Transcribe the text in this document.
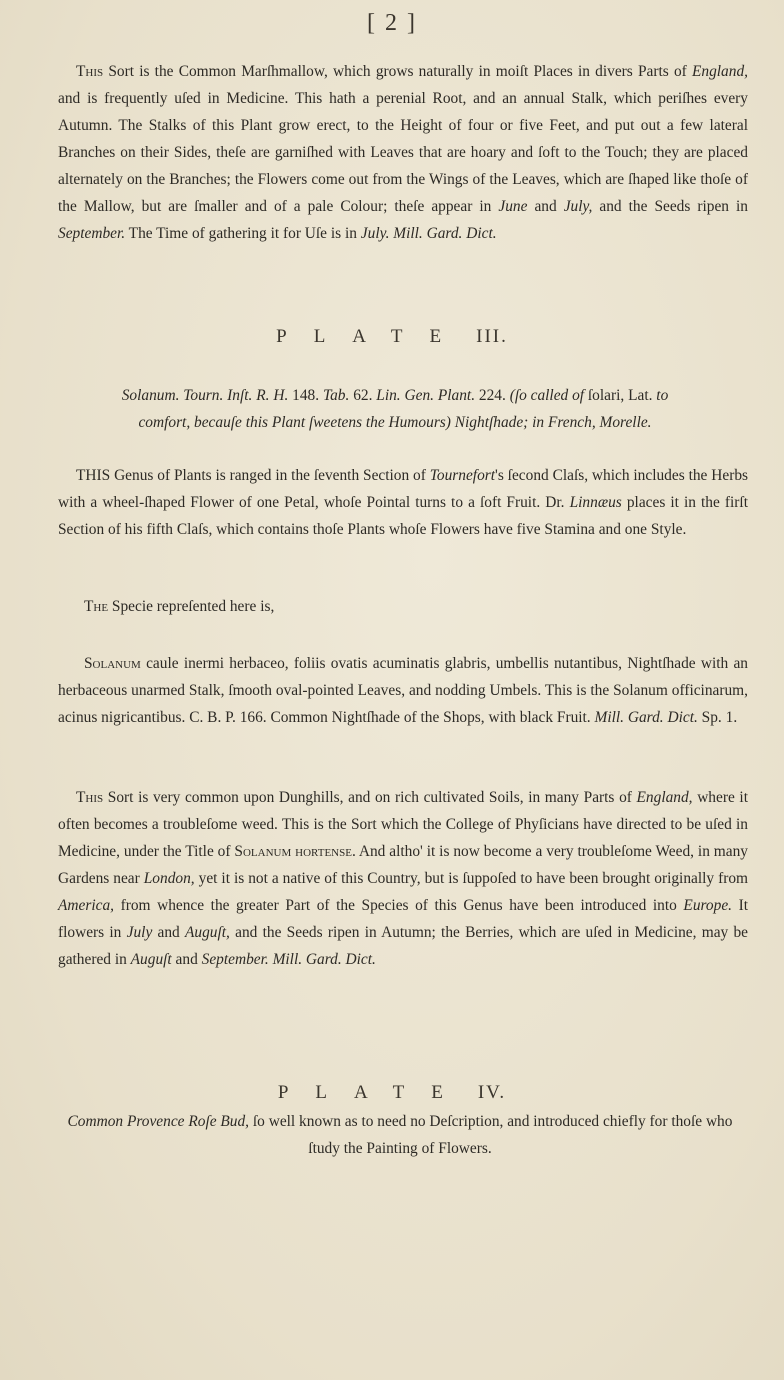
[ 2 ]

This Sort is the Common Marſhmallow, which grows naturally in moiſt Places in divers Parts of England, and is frequently uſed in Medicine. This hath a perenial Root, and an annual Stalk, which periſhes every Autumn. The Stalks of this Plant grow erect, to the Height of four or five Feet, and put out a few lateral Branches on their Sides, theſe are garniſhed with Leaves that are hoary and ſoft to the Touch; they are placed alternately on the Branches; the Flowers come out from the Wings of the Leaves, which are ſhaped like thoſe of the Mallow, but are ſmaller and of a pale Colour; theſe appear in June and July, and the Seeds ripen in September. The Time of gathering it for Uſe is in July. Mill. Gard. Dict.

PLATE III.

Solanum. Tourn. Inſt. R. H. 148. Tab. 62. Lin. Gen. Plant. 224. (ſo called of ſolari, Lat. to comfort, becauſe this Plant ſweetens the Humours) Nightſhade; in French, Morelle.

THIS Genus of Plants is ranged in the ſeventh Section of Tournefort's ſecond Claſs, which includes the Herbs with a wheel-ſhaped Flower of one Petal, whoſe Pointal turns to a ſoft Fruit. Dr. Linnæus places it in the firſt Section of his fifth Claſs, which contains thoſe Plants whoſe Flowers have five Stamina and one Style.

The Specie repreſented here is,

Solanum caule inermi herbaceo, foliis ovatis acuminatis glabris, umbellis nutantibus, Nightſhade with an herbaceous unarmed Stalk, ſmooth oval-pointed Leaves, and nodding Umbels. This is the Solanum officinarum, acinus nigricantibus. C. B. P. 166. Common Nightſhade of the Shops, with black Fruit. Mill. Gard. Dict. Sp. 1.

This Sort is very common upon Dunghills, and on rich cultivated Soils, in many Parts of England, where it often becomes a troubleſome weed. This is the Sort which the College of Phyſicians have directed to be uſed in Medicine, under the Title of Solanum hortense. And altho' it is now become a very troubleſome Weed, in many Gardens near London, yet it is not a native of this Country, but is ſuppoſed to have been brought originally from America, from whence the greater Part of the Species of this Genus have been introduced into Europe. It flowers in July and Auguſt, and the Seeds ripen in Autumn; the Berries, which are uſed in Medicine, may be gathered in Auguſt and September. Mill. Gard. Dict.

PLATE IV.

Common Provence Roſe Bud, ſo well known as to need no Deſcription, and introduced chiefly for thoſe who ſtudy the Painting of Flowers.
